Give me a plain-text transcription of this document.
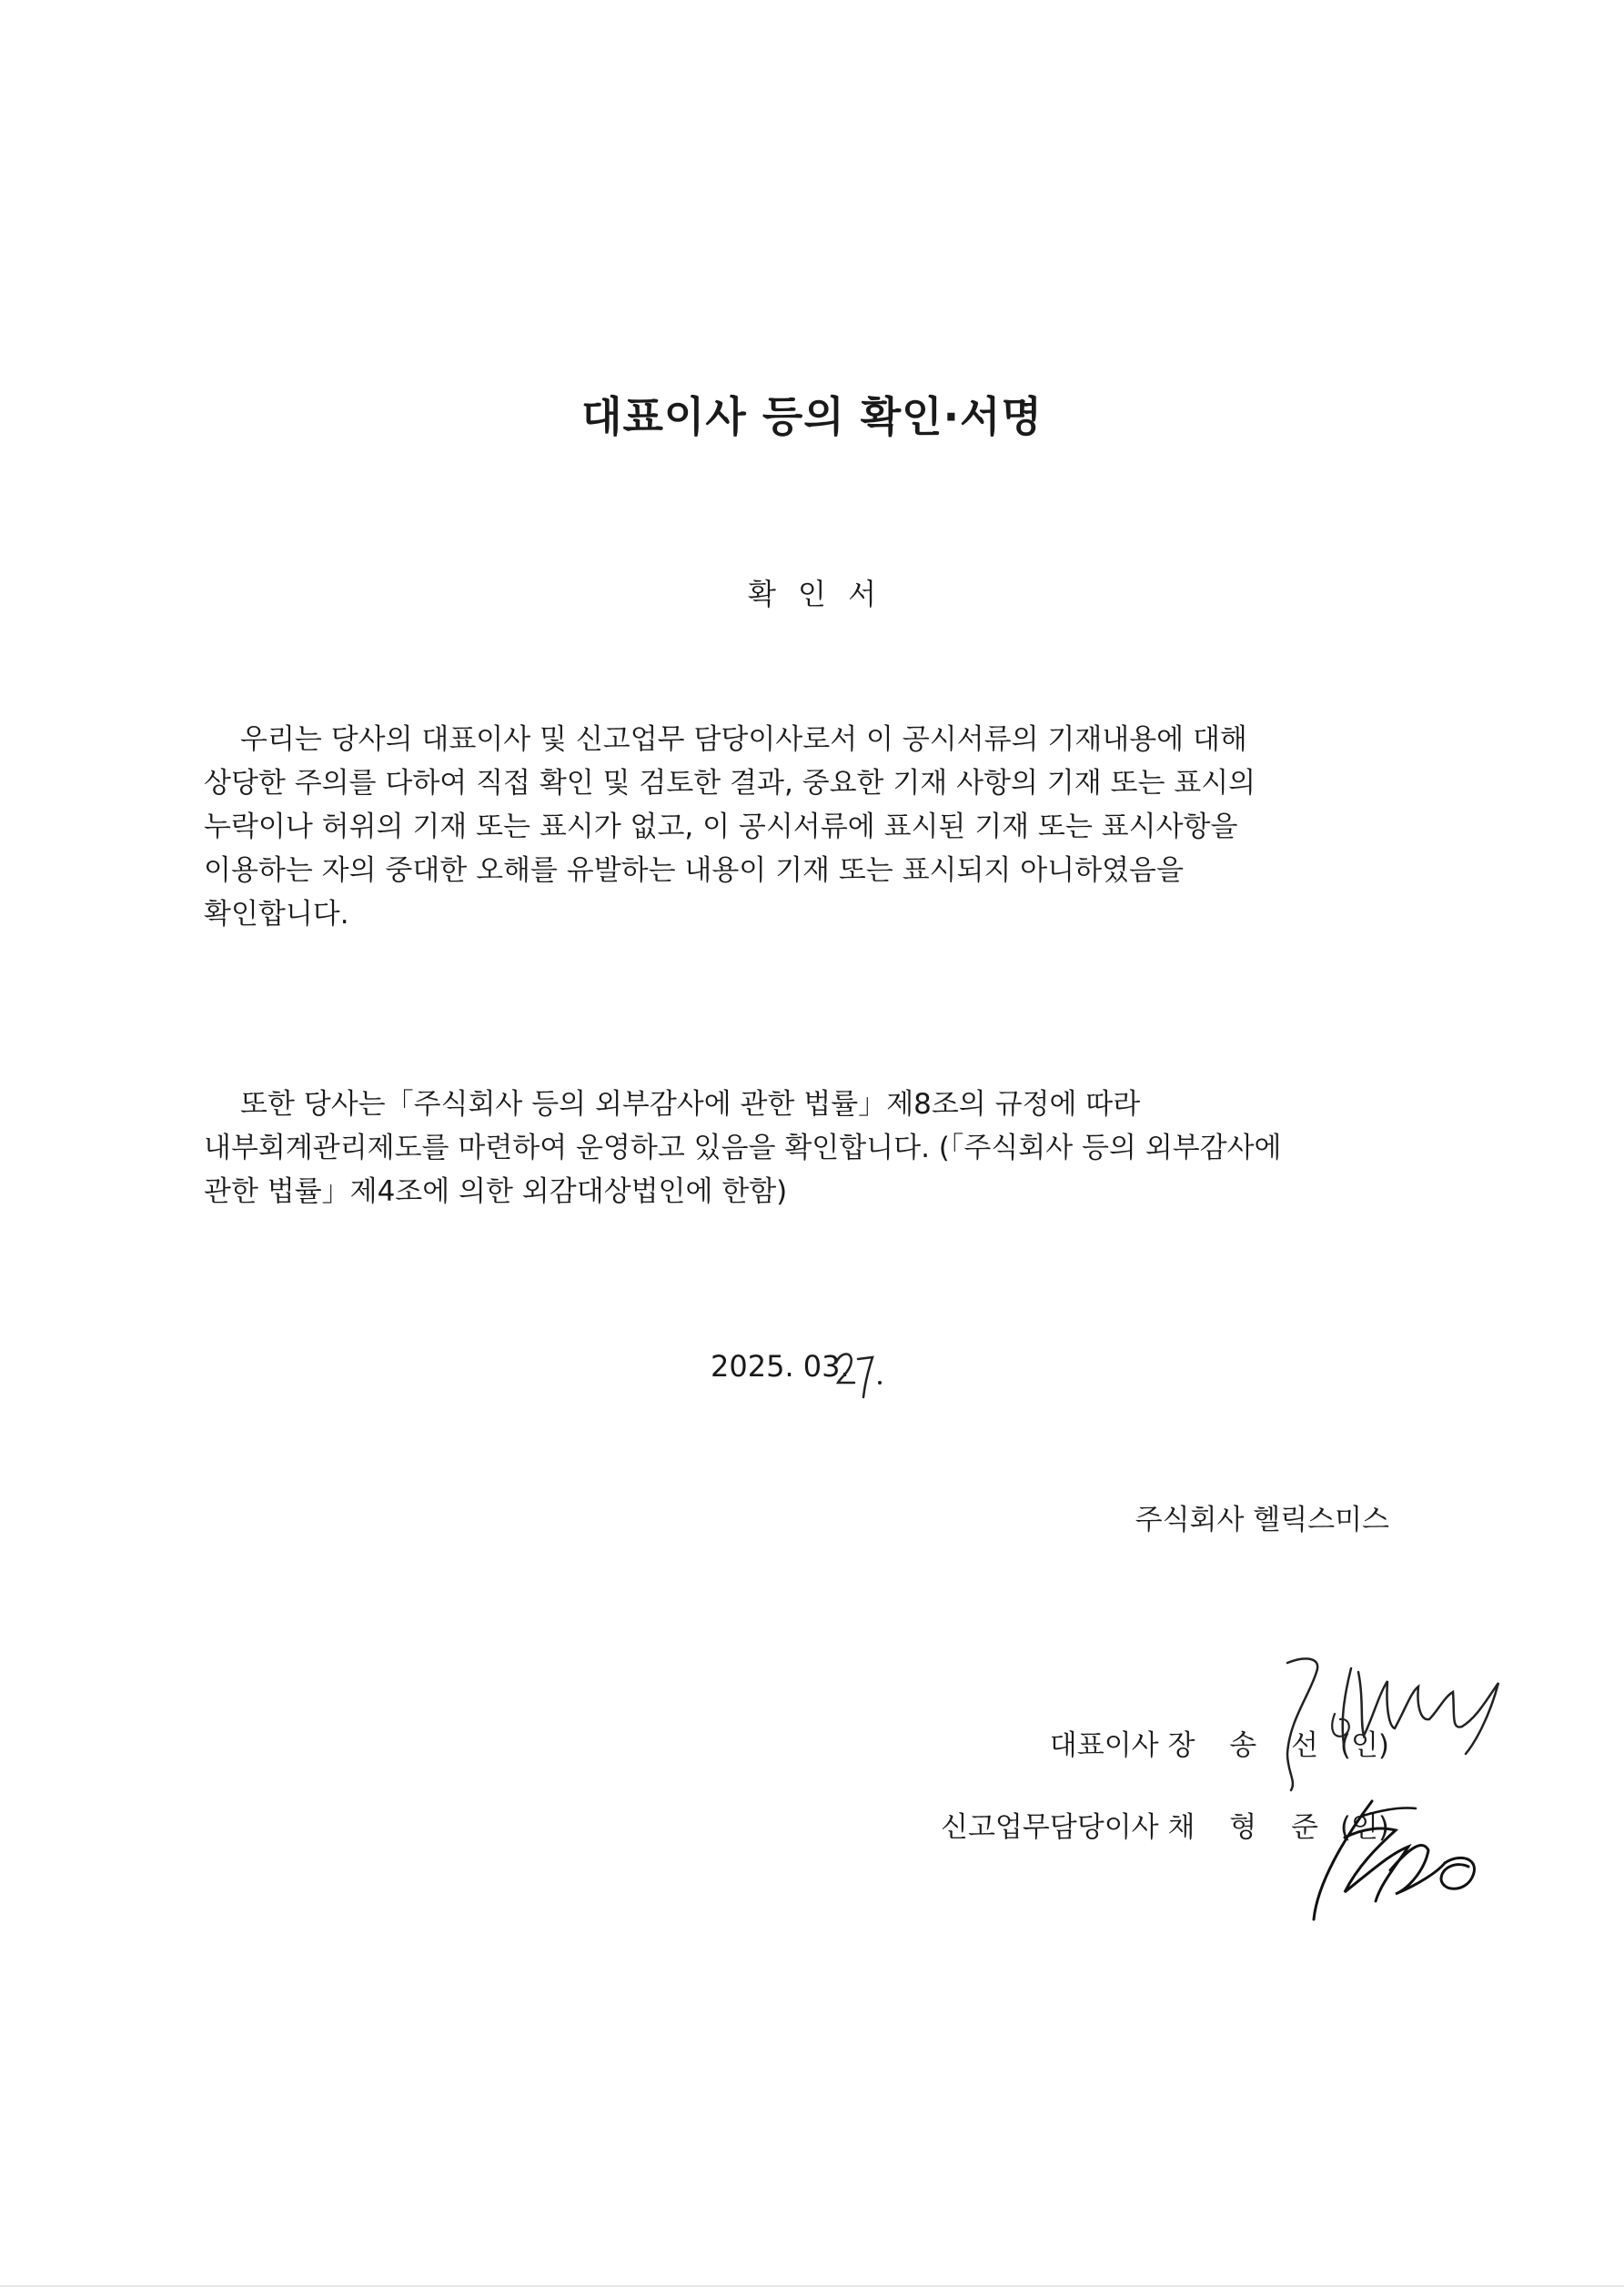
대표이사 등의 확인·서명
확 인 서
우리는 당사의 대표이사 및 신고업무 담당이사로서 이 공시서류의 기재내용에 대해
상당한 주의를 다하여 직접 확인 및 검토한 결과, 중요한 기재 사항의 기재 또는 표시의
누락이나 허위의 기재 또는 표시가 없고, 이 공시서류에 표시된 기재 또는 표시사항을
이용하는 자의 중대한 오해를 유발하는 내용이 기재 또는 표시되지 아니하였음을
확인합니다.
또한 당사는「주식회사 등의 외부감사에 관한 법률」제8조의 규정에 따라
내부회계관리제도를 마련하여 운영하고 있음을 확인합니다. (「주식회사 등의 외부감사에
관한 법률」제4조에 의한 외감대상법인에 한함)
2025. 03.
주식회사 헬릭스미스
대표이사 장 송 선 (인)
신고업무담당이사 채 형 준 (인)
